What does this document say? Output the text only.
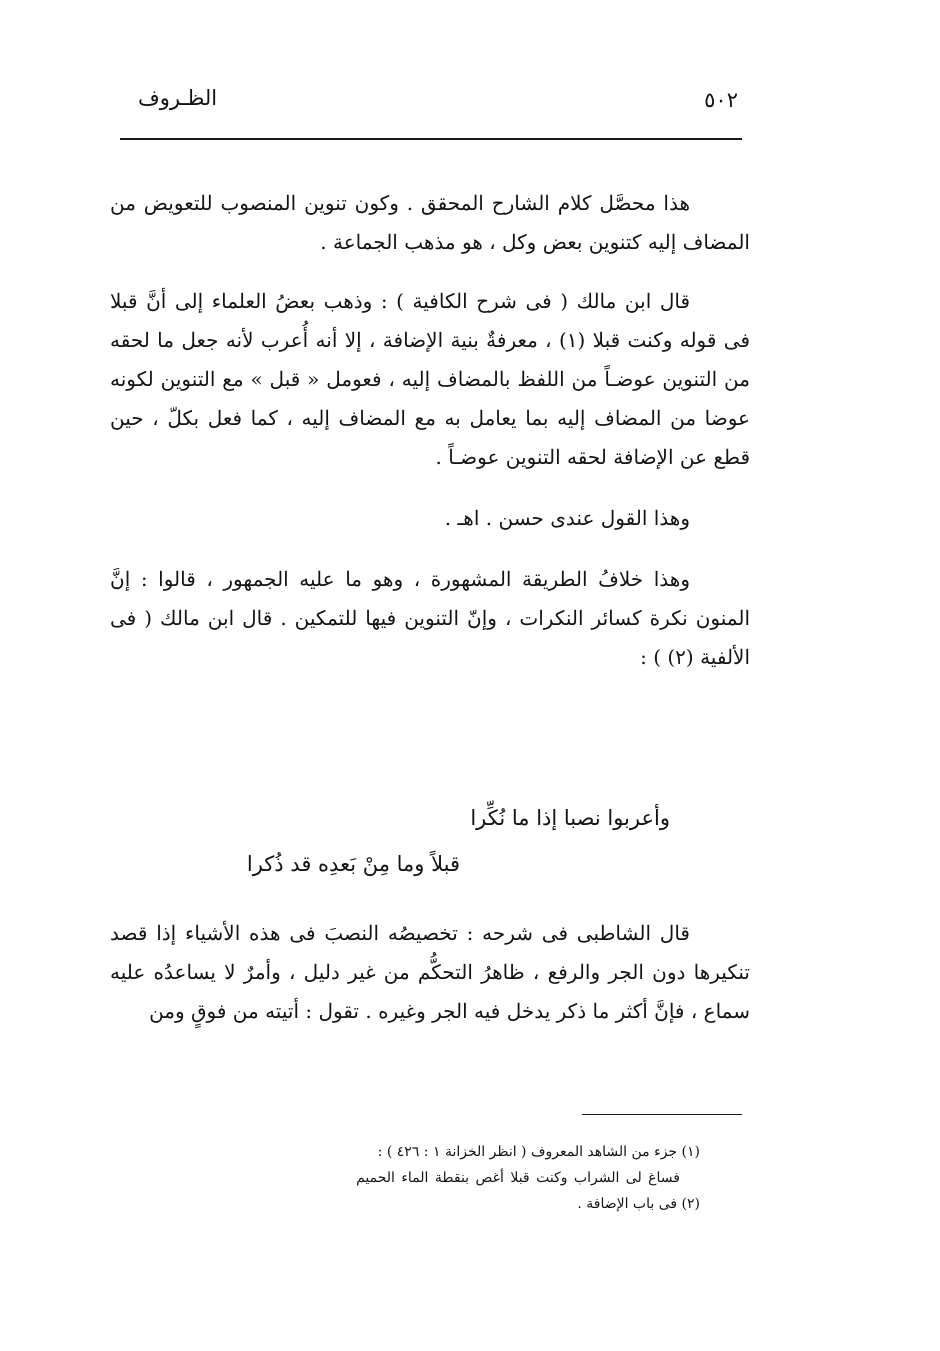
٥٠٢
الظـروف

هذا محصَّل كلام الشارح المحقق . وكون تنوين المنصوب للتعويض من المضاف إليه كتنوين بعض وكل ، هو مذهب الجماعة .

قال ابن مالك ( فى شرح الكافية ) : وذهب بعضُ العلماء إلى أنَّ قبلا فى قوله وكنت قبلا (١) ، معرفةٌ بنية الإضافة ، إلا أنه أُعرب لأنه جعل ما لحقه من التنوين عوضـاً من اللفظ بالمضاف إليه ، فعومل « قبل » مع التنوين لكونه عوضا من المضاف إليه بما يعامل به مع المضاف إليه ، كما فعل بكلّ ، حين قطع عن الإضافة لحقه التنوين عوضـاً .

وهذا القول عندى حسن . اهـ .

وهذا خلافُ الطريقة المشهورة ، وهو ما عليه الجمهور ، قالوا : إنَّ المنون نكرة كسائر النكرات ، وإنّ التنوين فيها للتمكين . قال ابن مالك ( فى الألفية (٢) ) :

وأعربوا نصبا إذا ما نُكِّرا
قبلاً وما مِنْ بَعدِه قد ذُكرا

قال الشاطبى فى شرحه : تخصيصُه النصبَ فى هذه الأشياء إذا قصد تنكيرها دون الجر والرفع ، ظاهرُ التحكُّم من غير دليل ، وأمرٌ لا يساعدُه عليه سماع ، فإنَّ أكثر ما ذكر يدخل فيه الجر وغيره . تقول : أتيته من فوقٍ ومن

(١) جزء من الشاهد المعروف ( انظر الخزانة ١ : ٤٢٦ ) :

فساغ لى الشراب وكنت قبلا أغص بنقطة الماء الحميم

(٢) فى باب الإضافة .
